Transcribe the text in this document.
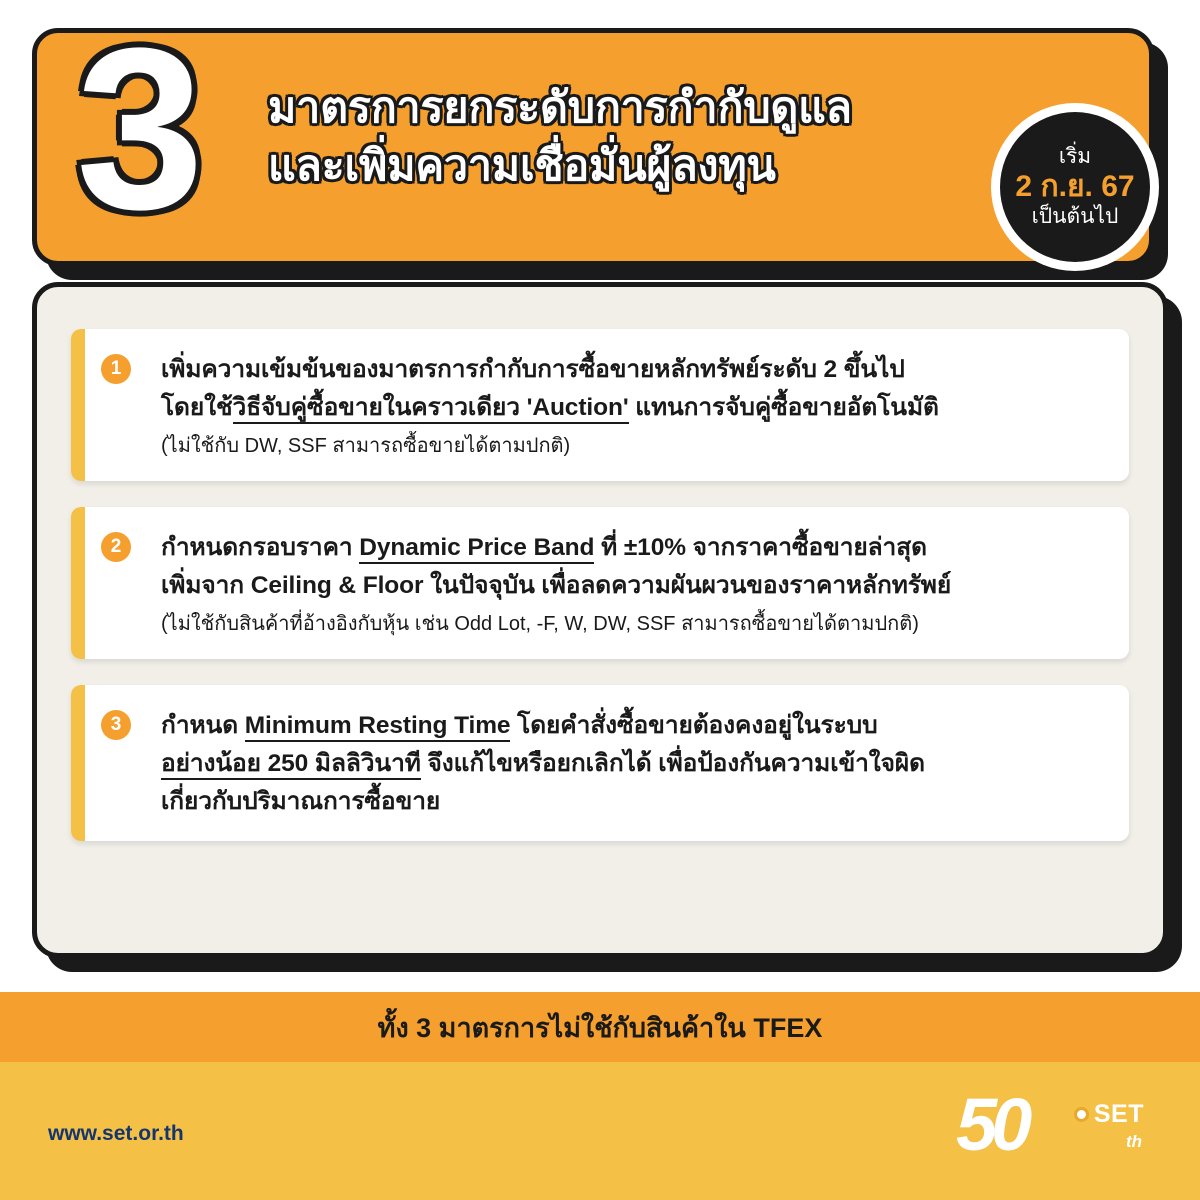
3 มาตรการยกระดับการกำกับดูแล
และเพิ่มความเชื่อมั่นผู้ลงทุน	เริ่ม
2 ก.ย. 67
เป็นต้นไป
1	เพิ่มความเข้มข้นของมาตรการกำกับการซื้อขายหลักทรัพย์ระดับ 2 ขึ้นไป
โดยใช้วิธีจับคู่ซื้อขายในคราวเดียว 'Auction' แทนการจับคู่ซื้อขายอัตโนมัติ
(ไม่ใช้กับ DW, SSF สามารถซื้อขายได้ตามปกติ)
2	กำหนดกรอบราคา Dynamic Price Band ที่ ±10% จากราคาซื้อขายล่าสุด
เพิ่มจาก Ceiling & Floor ในปัจจุบัน เพื่อลดความผันผวนของราคาหลักทรัพย์
(ไม่ใช้กับสินค้าที่อ้างอิงกับหุ้น เช่น Odd Lot, -F, W, DW, SSF สามารถซื้อขายได้ตามปกติ)
3	กำหนด Minimum Resting Time โดยคำสั่งซื้อขายต้องคงอยู่ในระบบ
อย่างน้อย 250 มิลลิวินาที จึงแก้ไขหรือยกเลิกได้ เพื่อป้องกันความเข้าใจผิด
เกี่ยวกับปริมาณการซื้อขาย
ทั้ง 3 มาตรการไม่ใช้กับสินค้าใน TFEX
www.set.or.th	50	SET
th
